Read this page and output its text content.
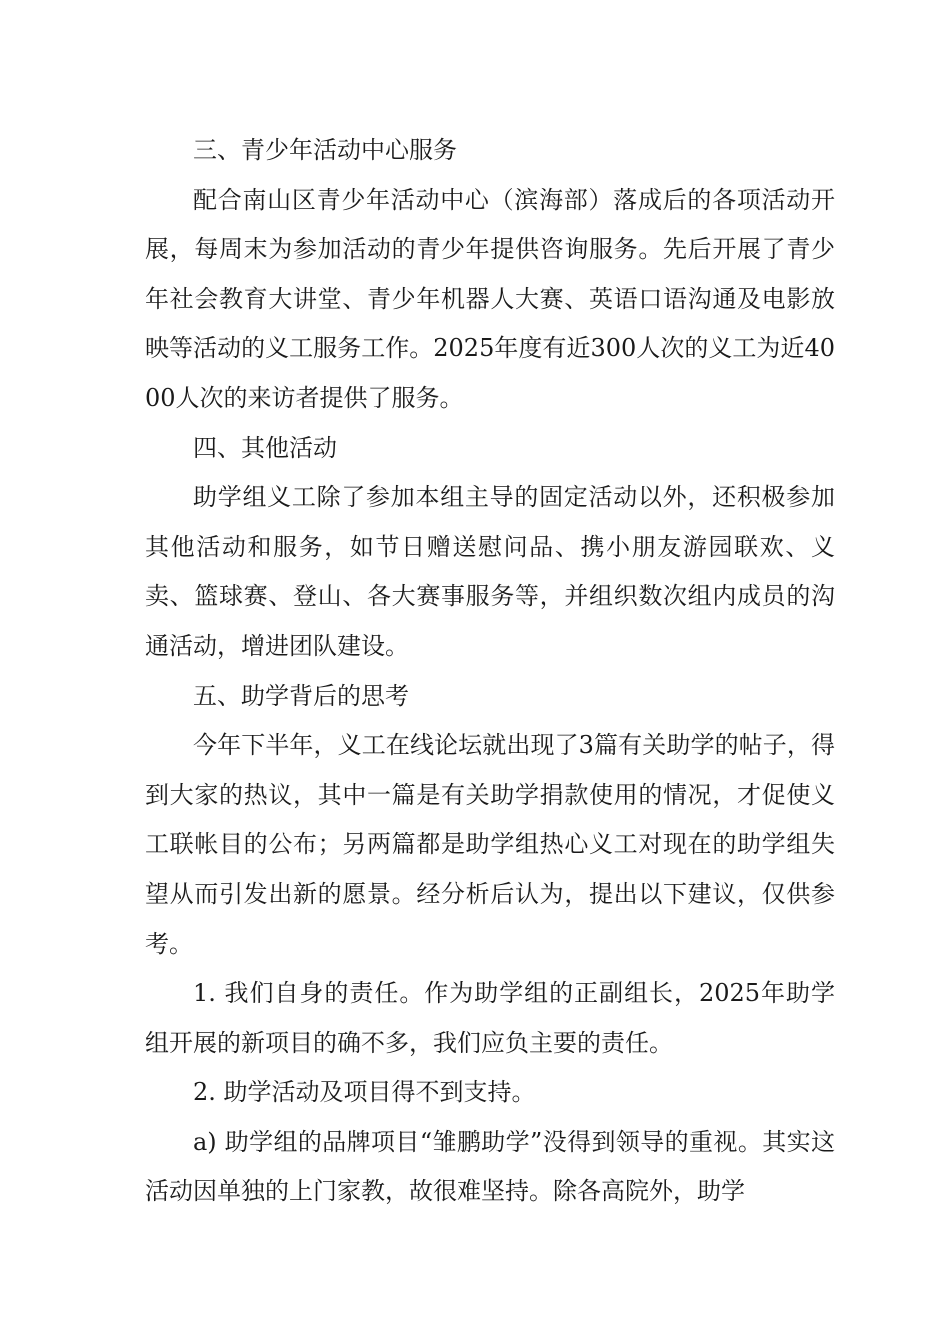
三、青少年活动中心服务

配合南山区青少年活动中心（滨海部）落成后的各项活动开展，每周末为参加活动的青少年提供咨询服务。先后开展了青少年社会教育大讲堂、青少年机器人大赛、英语口语沟通及电影放映等活动的义工服务工作。2025年度有近300人次的义工为近4000人次的来访者提供了服务。

四、其他活动

助学组义工除了参加本组主导的固定活动以外，还积极参加其他活动和服务，如节日赠送慰问品、携小朋友游园联欢、义卖、篮球赛、登山、各大赛事服务等，并组织数次组内成员的沟通活动，增进团队建设。

五、助学背后的思考

今年下半年，义工在线论坛就出现了3篇有关助学的帖子，得到大家的热议，其中一篇是有关助学捐款使用的情况，才促使义工联帐目的公布；另两篇都是助学组热心义工对现在的助学组失望从而引发出新的愿景。经分析后认为，提出以下建议，仅供参考。

1. 我们自身的责任。作为助学组的正副组长，2025年助学组开展的新项目的确不多，我们应负主要的责任。

2. 助学活动及项目得不到支持。

a) 助学组的品牌项目“雏鹏助学”没得到领导的重视。其实这活动因单独的上门家教，故很难坚持。除各高院外，助学
